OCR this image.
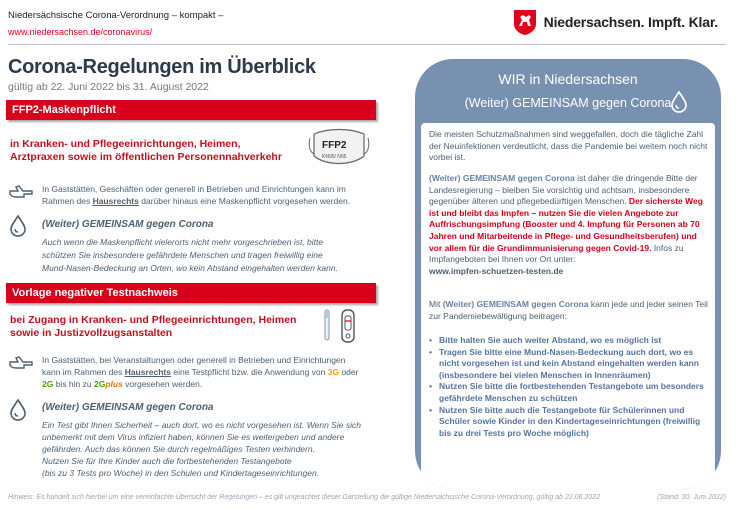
Niedersächsische Corona-Verordnung – kompakt –
www.niedersachsen.de/coronavirus/
Niedersachsen. Impft. Klar.
Corona-Regelungen im Überblick
gültig ab 22. Juni 2022 bis 31. August 2022
FFP2-Maskenpflicht
in Kranken- und Pflegeeinrichtungen, Heimen,
Arztpraxen sowie im öffentlichen Personennahverkehr
FFP2
KN95/ N95
In Gaststätten, Geschäften oder generell in Betrieben und Einrichtungen kann im
Rahmen des Hausrechts darüber hinaus eine Maskenpflicht vorgesehen werden.
(Weiter) GEMEINSAM gegen Corona
Auch wenn die Maskenpflicht vielerorts nicht mehr vorgeschrieben ist, bitte
schützen Sie insbesondere gefährdete Menschen und tragen freiwillig eine
Mund-Nasen-Bedeckung an Orten, wo kein Abstand eingehalten werden kann.
Vorlage negativer Testnachweis
bei Zugang in Kranken- und Pflegeeinrichtungen, Heimen
sowie in Justizvollzugsanstalten
In Gaststätten, bei Veranstaltungen oder generell in Betrieben und Einrichtungen
kann im Rahmen des Hausrechts eine Testpflicht bzw. die Anwendung von 3G oder
2G bis hin zu 2Gplus vorgesehen werden.
(Weiter) GEMEINSAM gegen Corona
Ein Test gibt Ihnen Sicherheit – auch dort, wo es nicht vorgesehen ist. Wenn Sie sich
unbemerkt mit dem Virus infiziert haben, können Sie es weitergeben und andere
gefährden. Auch das können Sie durch regelmäßiges Testen verhindern.
Nutzen Sie für Ihre Kinder auch die fortbestehenden Testangebote
(bis zu 3 Tests pro Woche) in den Schulen und Kindertageseinrichtungen.
Hinweis: Es handelt sich hierbei um eine vereinfachte Übersicht der Regelungen – es gilt ungeachtet dieser Darstellung die gültige Niedersächsische Corona-Verordnung, gültig ab 22.06.2022	(Stand: 30. Juni 2022)
WIR in Niedersachsen
(Weiter) GEMEINSAM gegen Corona
Die meisten Schutzmaßnahmen sind weggefallen, doch die tägliche Zahl der Neuinfektionen verdeutlicht, dass die Pandemie bei weitem noch nicht vorbei ist.
(Weiter) GEMEINSAM gegen Corona ist daher die dringende Bitte der Landesregierung – bleiben Sie vorsichtig und achtsam, insbesondere gegenüber älteren und pflegebedürftigen Menschen. Der sicherste Weg ist und bleibt das Impfen – nutzen Sie die vielen Angebote zur Auffrischungsimpfung (Booster und 4. Impfung für Personen ab 70 Jahren und Mitarbeitende in Pflege- und Gesundheitsberufen) und vor allem für die Grundimmunisierung gegen Covid-19. Infos zu Impfangeboten bei Ihnen vor Ort unter:
www.impfen-schuetzen-testen.de
Mit (Weiter) GEMEINSAM gegen Corona kann jede und jeder seinen Teil zur Pandemiebewältigung beitragen:
• Bitte halten Sie auch weiter Abstand, wo es möglich ist
• Tragen Sie bitte eine Mund-Nasen-Bedeckung auch dort, wo es nicht vorgesehen ist und kein Abstand eingehalten werden kann (insbesondere bei vielen Menschen in Innenräumen)
• Nutzen Sie bitte die fortbestehenden Testangebote um besonders gefährdete Menschen zu schützen
• Nutzen Sie bitte auch die Testangebote für Schülerinnen und Schüler sowie Kinder in den Kindertageseinrichtungen (freiwillig bis zu drei Tests pro Woche möglich)
